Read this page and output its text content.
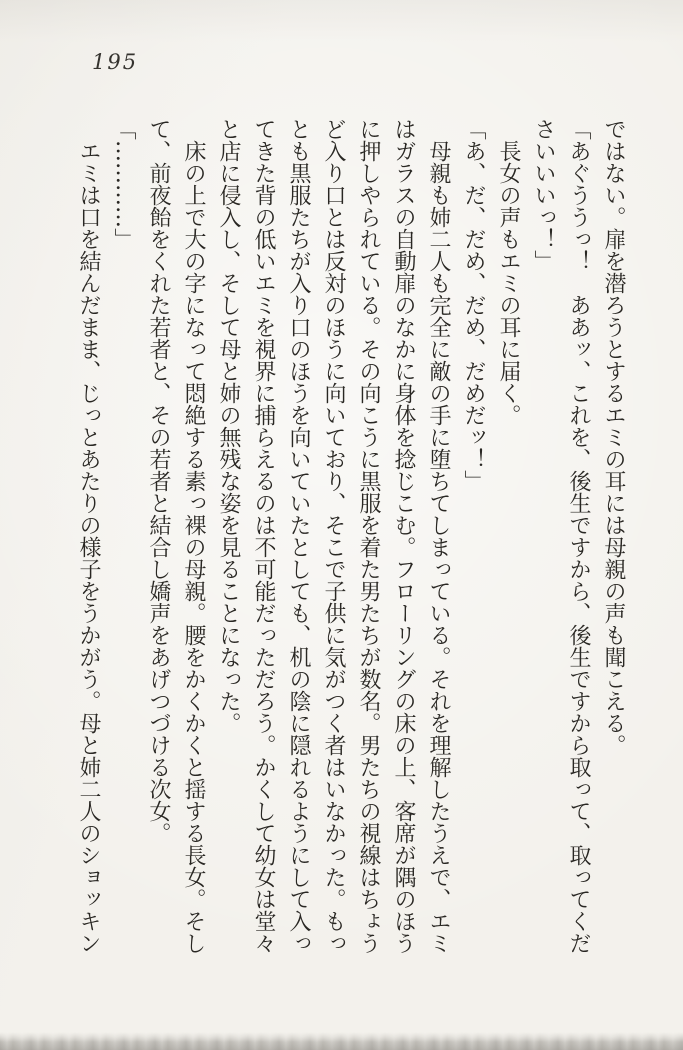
195

ではない。扉を潜ろうとするエミの耳には母親の声も聞こえる。

「あぐううっ！　ああッ、これを、後生ですから、後生ですから取って、取ってくださいいいっ！」

長女の声もエミの耳に届く。

「あ、だ、だめ、だめ、だめだッ！」

母親も姉二人も完全に敵の手に堕ちてしまっている。それを理解したうえで、エミはガラスの自動扉のなかに身体を捻じこむ。フローリングの床の上、客席が隅のほうに押しやられている。その向こうに黒服を着た男たちが数名。男たちの視線はちょうど入り口とは反対のほうに向いており、そこで子供に気がつく者はいなかった。もっとも黒服たちが入り口のほうを向いていたとしても、机の陰に隠れるようにして入ってきた背の低いエミを視界に捕らえるのは不可能だっただろう。かくして幼女は堂々と店に侵入し、そして母と姉の無残な姿を見ることになった。

床の上で大の字になって悶絶する素っ裸の母親。腰をかくかくと揺する長女。そして、前夜飴をくれた若者と、その若者と結合し嬌声をあげつづける次女。

「…………」

エミは口を結んだまま、じっとあたりの様子をうかがう。母と姉二人のショッキン
